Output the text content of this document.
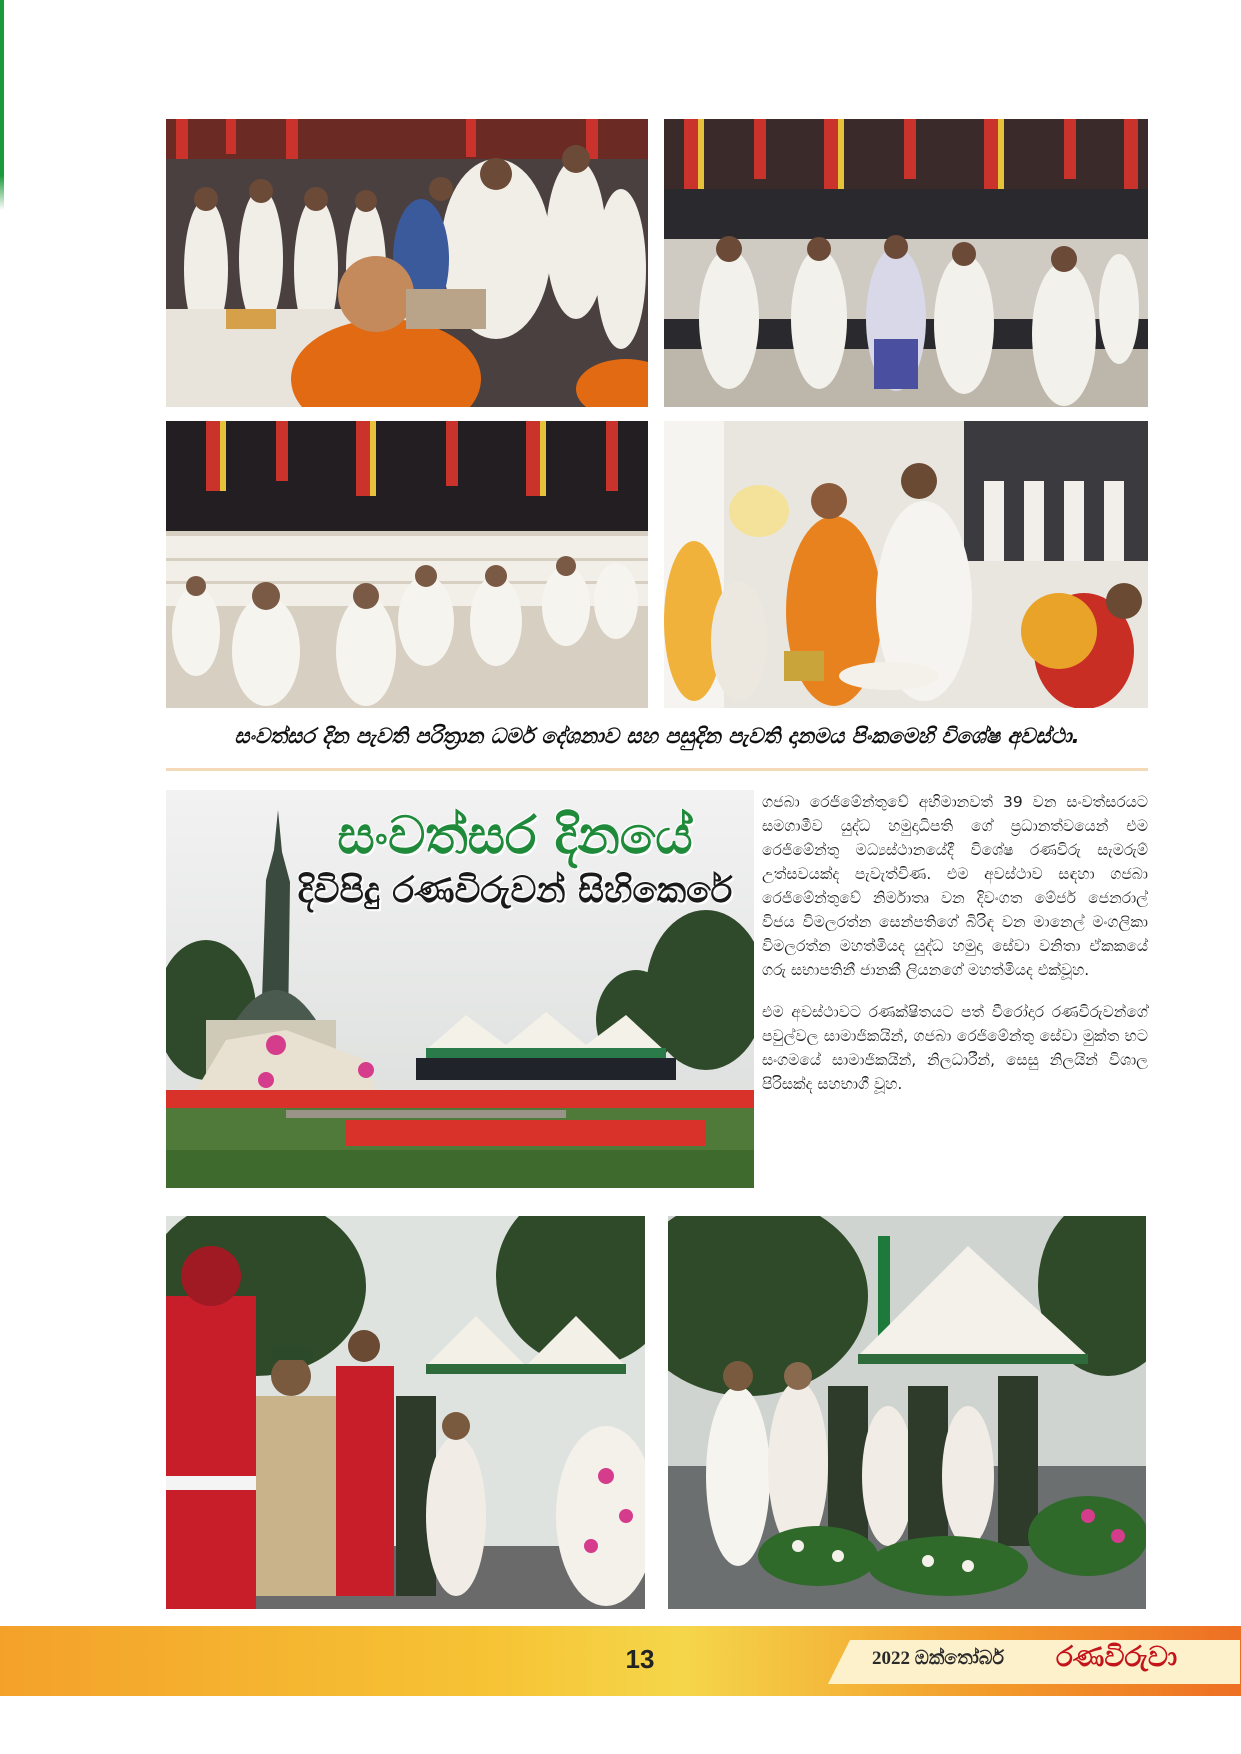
සංවත්සර දින පැවති පරිත්‍රාන ධර්ම දේශනාව සහ පසුදින පැවති දානමය පිංකමෙහි විශේෂ අවස්ථා.
සංවත්සර දිනයේ
දිවිපිදු රණවිරුවන් සිහිකෙරේ

ගජබා රෙජිමේන්තුවේ අභිමානවත් 39 වන සංවත්සරයට සමගාමීව යුද්ධ හමුදාධිපති ගේ ප්‍රධානත්වයෙන් එම රෙජිමේන්තු මධ්‍යස්ථානයේදී විශේෂ රණවිරු සැමරුම් උත්සවයක්ද පැවැත්විණ. එම අවස්ථාව සඳහා ගජබා රෙජිමේන්තුවේ නිර්මාතෘ වන දිවංගත මේජර් ජෙනරාල් විජය විමලරත්න සෙන්පතිගේ බිරිඳ වන මානෙල් මංගලිකා විමලරත්න මහත්මියද යුද්ධ හමුදා සේවා වනිතා ඒකකයේ ගරු සභාපතිනී ජානකී ලියනගේ මහත්මියද එක්වූහ.

එම අවස්ථාවට රණක්ෂිතයට පත් වීරෝදාර රණවිරුවන්ගේ පවුල්වල සාමාජිකයින්, ගජබා රෙජිමේන්තු සේවා මුක්ත භට සංගමයේ සාමාජිකයින්, නිලධාරීන්, සෙසු නිලයින් විශාල පිරිසක්ද සහභාගී වූහ.

13	2022 ඔක්තෝබර් රණවිරුවා
